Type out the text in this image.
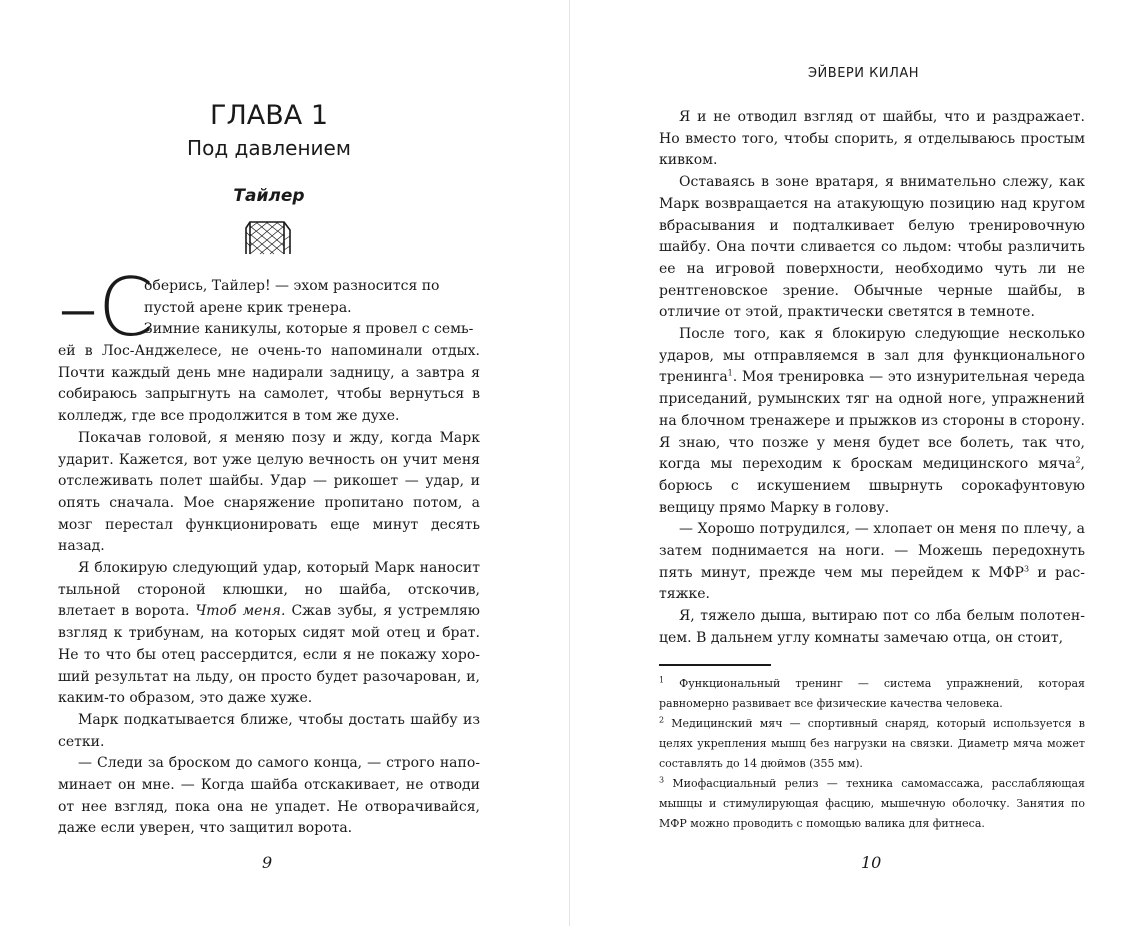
ГЛАВА 1
Под давлением
Тайлер
–С

оберись, Тайлер! — эхом разносится по

пустой арене крик тренера.

Зимние каникулы, которые я провел с семь-

ей в Лос-Анджелесе, не очень-то напоминали отдых. Почти каждый день мне надирали задницу, а завтра я собираюсь запрыгнуть на самолет, чтобы вернуться в колледж, где все продолжится в том же духе.

Покачав головой, я меняю позу и жду, когда Марк ударит. Кажется, вот уже целую вечность он учит меня отслеживать полет шайбы. Удар — рикошет — удар, и опять сначала. Мое снаряжение пропитано потом, а мозг перестал функционировать еще минут десять назад.

Я блокирую следующий удар, который Марк наносит тыльной стороной клюшки, но шайба, отскочив, влетает в ворота. Чтоб меня. Сжав зубы, я устремляю взгляд к трибунам, на которых сидят мой отец и брат. Не то что бы отец рассердится, если я не покажу хороший результат на льду, он просто будет разочарован, и, каким-то образом, это даже хуже.

Марк подкатывается ближе, чтобы достать шайбу из сетки.

— Следи за броском до самого конца, — строго напоминает он мне. — Когда шайба отскакивает, не отводи от нее взгляд, пока она не упадет. Не отворачивайся, даже если уверен, что защитил ворота.

9
ЭЙВЕРИ КИЛАН

Я и не отводил взгляд от шайбы, что и раздражает. Но вместо того, чтобы спорить, я отделываюсь простым кивком.

Оставаясь в зоне вратаря, я внимательно слежу, как Марк возвращается на атакующую позицию над кругом вбрасывания и подталкивает белую тренировочную шайбу. Она почти сливается со льдом: чтобы различить ее на игровой поверхности, необходимо чуть ли не рентгеновское зрение. Обычные черные шайбы, в отличие от этой, практически светятся в темноте.

После того, как я блокирую следующие несколько ударов, мы отправляемся в зал для функционального тренинга$^1$. Моя тренировка — это изнурительная череда приседаний, румынских тяг на одной ноге, упражнений на блочном тренажере и прыжков из стороны в сторону. Я знаю, что позже у меня будет все болеть, так что, когда мы переходим к броскам медицинского мяча$^2$, борюсь с искушением швырнуть сорокафунтовую вещицу прямо Марку в голову.

— Хорошо потрудился, — хлопает он меня по плечу, а затем поднимается на ноги. — Можешь передохнуть пять минут, прежде чем мы перейдем к МФР$^3$ и растяжке.

Я, тяжело дыша, вытираю пот со лба белым полотенцем. В дальнем углу комнаты замечаю отца, он стоит,

$^1$ Функциональный тренинг — система упражнений, которая равномерно развивает все физические качества человека.

$^2$ Медицинский мяч — спортивный снаряд, который используется в целях укрепления мышц без нагрузки на связки. Диаметр мяча может составлять до 14 дюймов (355 мм).

$^3$ Миофасциальный релиз — техника самомассажа, расслабляющая мышцы и стимулирующая фасцию, мышечную оболочку. Занятия по МФР можно проводить с помощью валика для фитнеса.

10
